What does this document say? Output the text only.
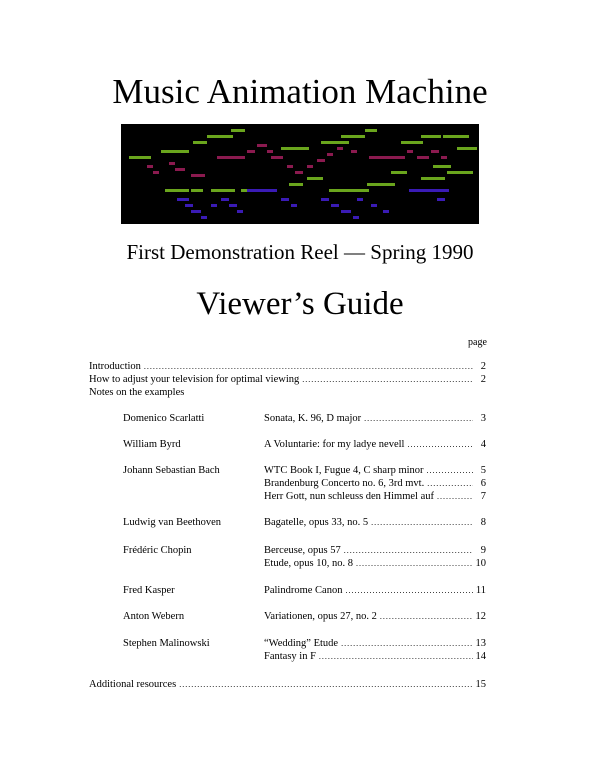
Music Animation Machine
First Demonstration Reel — Spring 1990
Viewer’s Guide
page
Introduction .....	2
How to adjust your television for optimal viewing .....	2
Notes on the examples
Domenico Scarlatti	Sonata, K. 96, D major .....	3
William Byrd	A Voluntarie: for my ladye nevell .....	4
Johann Sebastian Bach	WTC Book I, Fugue 4, C sharp minor .....	5
Brandenburg Concerto no. 6, 3rd mvt. .....	6
Herr Gott, nun schleuss den Himmel auf .....	7
Ludwig van Beethoven	Bagatelle, opus 33, no. 5 .....	8
Frédéric Chopin	Berceuse, opus 57 .....	9
Etude, opus 10, no. 8 .....	10
Fred Kasper	Palindrome Canon .....	11
Anton Webern	Variationen, opus 27, no. 2 .....	12
Stephen Malinowski	“Wedding” Etude .....	13
Fantasy in F .....	14
Additional resources .....	15
